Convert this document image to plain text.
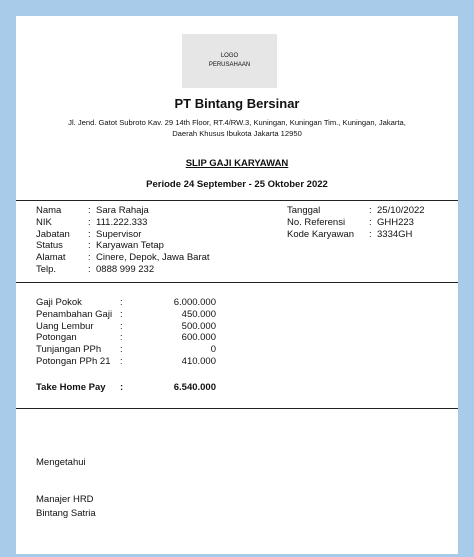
LOGO
PERUSAHAAN
PT Bintang Bersinar
Jl. Jend. Gatot Subroto Kav. 29 14th Floor, RT.4/RW.3, Kuningan, Kuningan Tim., Kuningan, Jakarta,
Daerah Khusus Ibukota Jakarta 12950
SLIP GAJI KARYAWAN
Periode 24 September - 25 Oktober 2022
Nama	: Sara Rahaja
NIK	: 111.222.333
Jabatan	: Supervisor
Status	: Karyawan Tetap
Alamat	: Cinere, Depok, Jawa Barat
Telp.	: 0888 999 232
Tanggal	: 25/10/2022
No. Referensi	: GHH223
Kode Karyawan	: 3334GH
Gaji Pokok	:	6.000.000
Penambahan Gaji :	450.000
Uang Lembur	:	500.000
Potongan	:	600.000
Tunjangan PPh	:	0
Potongan PPh 21	:	410.000
Take Home Pay	:	6.540.000
Mengetahui
Manajer HRD
Bintang Satria
